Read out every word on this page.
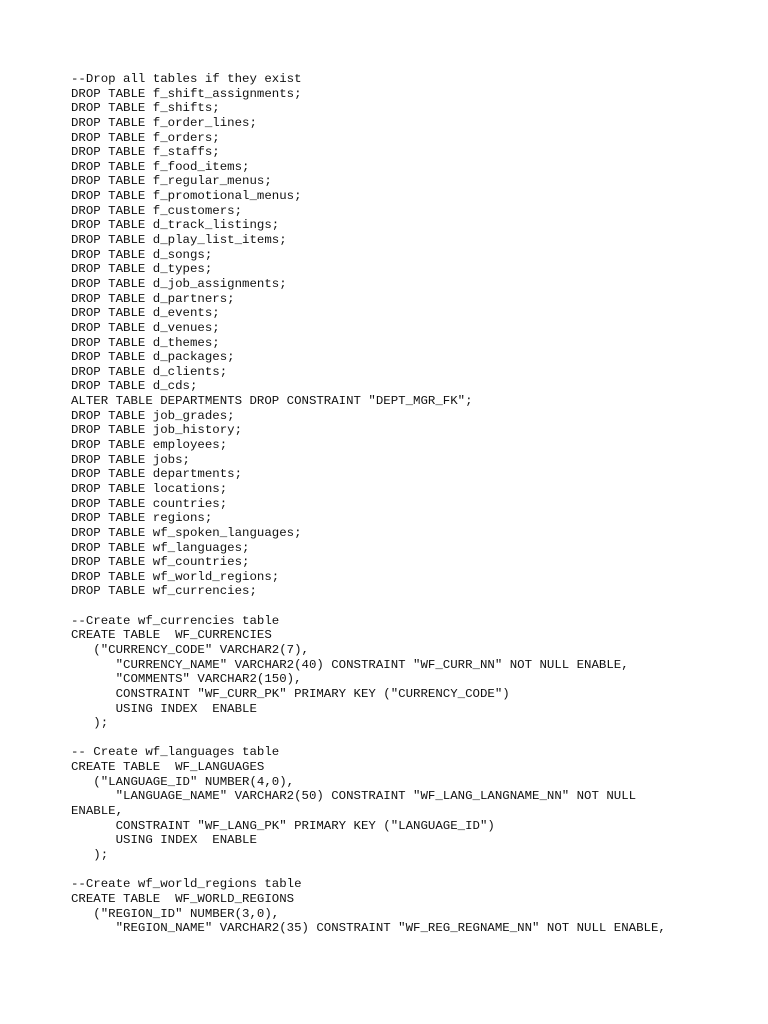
--Drop all tables if they exist
DROP TABLE f_shift_assignments;
DROP TABLE f_shifts;
DROP TABLE f_order_lines;
DROP TABLE f_orders;
DROP TABLE f_staffs;
DROP TABLE f_food_items;
DROP TABLE f_regular_menus;
DROP TABLE f_promotional_menus;
DROP TABLE f_customers;
DROP TABLE d_track_listings;
DROP TABLE d_play_list_items;
DROP TABLE d_songs;
DROP TABLE d_types;
DROP TABLE d_job_assignments;
DROP TABLE d_partners;
DROP TABLE d_events;
DROP TABLE d_venues;
DROP TABLE d_themes;
DROP TABLE d_packages;
DROP TABLE d_clients;
DROP TABLE d_cds;
ALTER TABLE DEPARTMENTS DROP CONSTRAINT "DEPT_MGR_FK";
DROP TABLE job_grades;
DROP TABLE job_history;
DROP TABLE employees;
DROP TABLE jobs;
DROP TABLE departments;
DROP TABLE locations;
DROP TABLE countries;
DROP TABLE regions;
DROP TABLE wf_spoken_languages;
DROP TABLE wf_languages;
DROP TABLE wf_countries;
DROP TABLE wf_world_regions;
DROP TABLE wf_currencies;
--Create wf_currencies table
CREATE TABLE  WF_CURRENCIES
("CURRENCY_CODE" VARCHAR2(7),
"CURRENCY_NAME" VARCHAR2(40) CONSTRAINT "WF_CURR_NN" NOT NULL ENABLE,
"COMMENTS" VARCHAR2(150),
CONSTRAINT "WF_CURR_PK" PRIMARY KEY ("CURRENCY_CODE")
USING INDEX  ENABLE
);
-- Create wf_languages table
CREATE TABLE  WF_LANGUAGES
("LANGUAGE_ID" NUMBER(4,0),
"LANGUAGE_NAME" VARCHAR2(50) CONSTRAINT "WF_LANG_LANGNAME_NN" NOT NULL
ENABLE,
CONSTRAINT "WF_LANG_PK" PRIMARY KEY ("LANGUAGE_ID")
USING INDEX  ENABLE
);
--Create wf_world_regions table
CREATE TABLE  WF_WORLD_REGIONS
("REGION_ID" NUMBER(3,0),
"REGION_NAME" VARCHAR2(35) CONSTRAINT "WF_REG_REGNAME_NN" NOT NULL ENABLE,
